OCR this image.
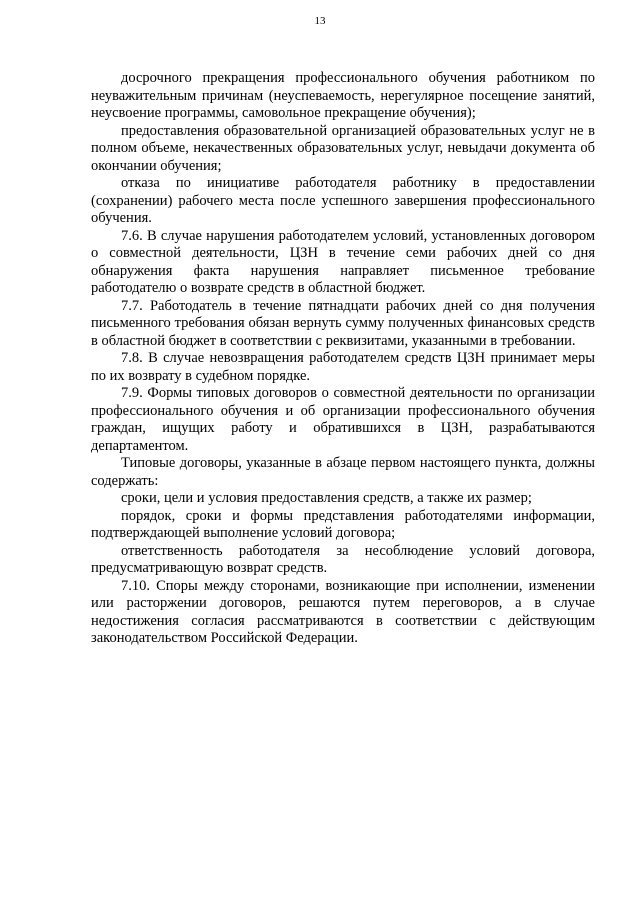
13

досрочного прекращения профессионального обучения работником по неуважительным причинам (неуспеваемость, нерегулярное посещение занятий, неусвоение программы, самовольное прекращение обучения);

предоставления образовательной организацией образовательных услуг не в полном объеме, некачественных образовательных услуг, невыдачи документа об окончании обучения;

отказа по инициативе работодателя работнику в предоставлении (сохранении) рабочего места после успешного завершения профессионального обучения.

7.6. В случае нарушения работодателем условий, установленных договором о совместной деятельности, ЦЗН в течение семи рабочих дней со дня обнаружения факта нарушения направляет письменное требование работодателю о возврате средств в областной бюджет.

7.7. Работодатель в течение пятнадцати рабочих дней со дня получения письменного требования обязан вернуть сумму полученных финансовых средств в областной бюджет в соответствии с реквизитами, указанными в требовании.

7.8. В случае невозвращения работодателем средств ЦЗН принимает меры по их возврату в судебном порядке.

7.9. Формы типовых договоров о совместной деятельности по организации профессионального обучения и об организации профессионального обучения граждан, ищущих работу и обратившихся в ЦЗН, разрабатываются департаментом.

Типовые договоры, указанные в абзаце первом настоящего пункта, должны содержать:

сроки, цели и условия предоставления средств, а также их размер;

порядок, сроки и формы представления работодателями информации, подтверждающей выполнение условий договора;

ответственность работодателя за несоблюдение условий договора, предусматривающую возврат средств.

7.10. Споры между сторонами, возникающие при исполнении, изменении или расторжении договоров, решаются путем переговоров, а в случае недостижения согласия рассматриваются в соответствии с действующим законодательством Российской Федерации.
